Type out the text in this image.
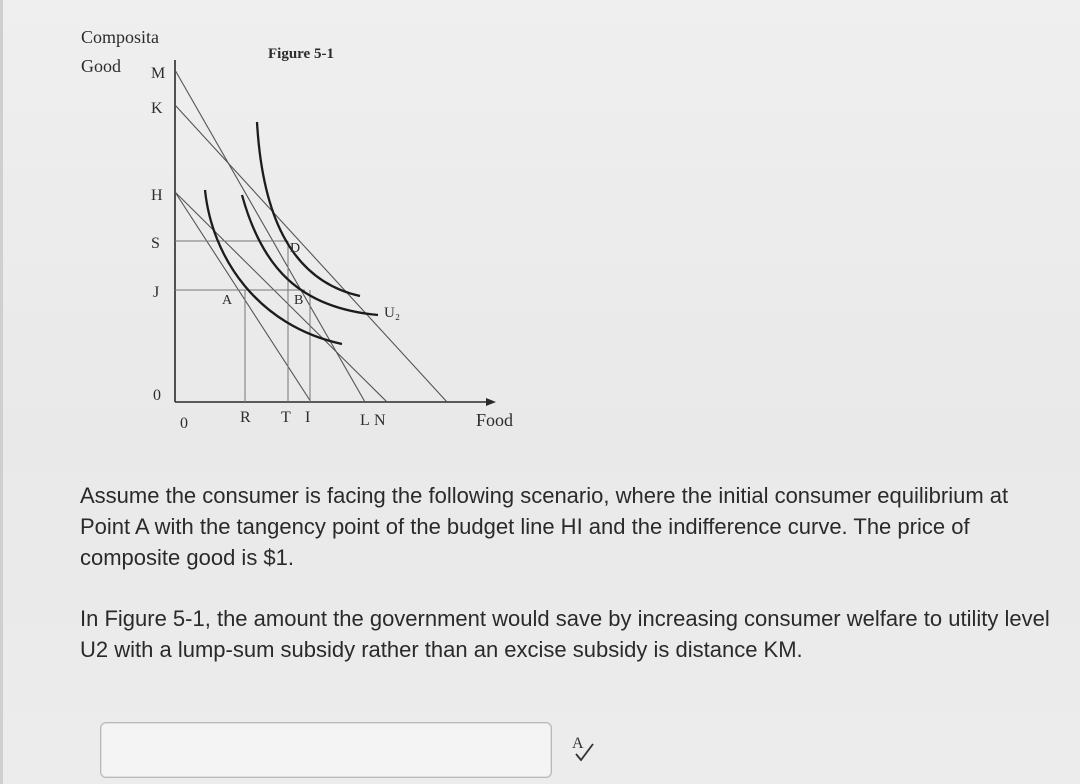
Figure 5-1
Composita
Good M
K
H
S
J
0
0	R T I	L N	Food
A	B
D
U₂

Assume the consumer is facing the following scenario, where the initial consumer equilibrium at Point A with the tangency point of the budget line HI and the indifference curve. The price of composite good is $1.

In Figure 5-1, the amount the government would save by increasing consumer welfare to utility level U2 with a lump-sum subsidy rather than an excise subsidy is distance KM.

A
